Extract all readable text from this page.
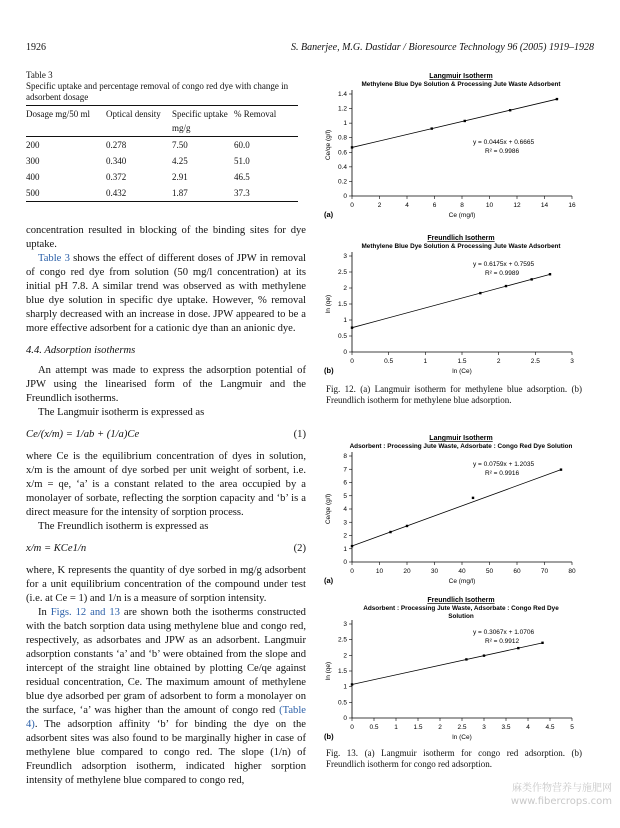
1926	S. Banerjee, M.G. Dastidar / Bioresource Technology 96 (2005) 1919–1928
Table 3
Specific uptake and percentage removal of congo red dye with change in adsorbent dosage
Dosage mg/50 ml	Optical density	Specific uptake mg/g	% Removal
200	0.278	7.50	60.0
300	0.340	4.25	51.0
400	0.372	2.91	46.5
500	0.432	1.87	37.3

concentration resulted in blocking of the binding sites for dye uptake.

Table 3 shows the effect of different doses of JPW in removal of congo red dye from solution (50 mg/l concentration) at its initial pH 7.8. A similar trend was observed as with methylene blue dye solution in specific dye uptake. However, % removal sharply decreased with an increase in dose. JPW appeared to be a more effective adsorbent for a cationic dye than an anionic dye.

4.4. Adsorption isotherms

An attempt was made to express the adsorption potential of JPW using the linearised form of the Langmuir and the Freundlich isotherms.

The Langmuir isotherm is expressed as

Ce/(x/m) = 1/ab + (1/a)Ce	(1)

where Ce is the equilibrium concentration of dyes in solution, x/m is the amount of dye sorbed per unit weight of sorbent, i.e. x/m = qe, ‘a’ is a constant related to the area occupied by a monolayer of sorbate, reflecting the sorption capacity and ‘b’ is a direct measure for the intensity of sorption process.

The Freundlich isotherm is expressed as

x/m = KCe1/n	(2)

where, K represents the quantity of dye sorbed in mg/g adsorbent for a unit equilibrium concentration of the compound under test (i.e. at Ce = 1) and 1/n is a measure of sorption intensity.

In Figs. 12 and 13 are shown both the isotherms constructed with the batch sorption data using methylene blue and congo red, respectively, as adsorbates and JPW as an adsorbent. Langmuir adsorption constants ‘a’ and ‘b’ were obtained from the slope and intercept of the straight line obtained by plotting Ce/qe against residual concentration, Ce. The maximum amount of methylene blue dye adsorbed per gram of adsorbent to form a monolayer on the surface, ‘a’ was higher than the amount of congo red (Table 4). The adsorption affinity ‘b’ for binding the dye on the adsorbent sites was also found to be marginally higher in case of methylene blue compared to congo red. The slope (1/n) of Freundlich adsorption isotherm, indicated higher sorption intensity of methylene blue compared to congo red,

Langmuir Isotherm
Methylene Blue Dye Solution & Processing Jute Waste Adsorbent
0	2	4	6	8	10	12	14	16
0
0.2
0.4
0.6
0.8
1
1.2
1.4
Ce (mg/l)
Ce/qe (g/l)
(a)
y = 0.0445x + 0.6665
R² = 0.9986
Freundlich Isotherm
Methylene Blue Dye Solution & Processing Jute Waste Adsorbent
0	0.5	1	1.5	2	2.5	3
0
0.5
1
1.5
2
2.5
3
ln (Ce)
ln (qe)
(b)
y = 0.6175x + 0.7595
R² = 0.9989
Fig. 12. (a) Langmuir isotherm for methylene blue adsorption. (b) Freundlich isotherm for methylene blue adsorption.
Langmuir Isotherm
Adsorbent : Processing Jute Waste, Adsorbate : Congo Red Dye Solution
0	10	20	30	40	50	60	70	80
0
1
2
3
4
5
6
7
8
Ce (mg/l)
Ce/qe (g/l)
(a)
y = 0.0759x + 1.2035
R² = 0.9916
Freundlich Isotherm
Adsorbent : Processing Jute Waste, Adsorbate : Congo Red Dye
Solution
0 0.5 1 1.5 2 2.5 3 3.5 4 4.5 5
0
0.5
1
1.5
2
2.5
3
ln (Ce)
ln (qe)
(b)
y = 0.3067x + 1.0706
R² = 0.9912
Fig. 13. (a) Langmuir isotherm for congo red adsorption. (b) Freundlich isotherm for congo red adsorption.
麻类作物营养与施肥网
www.fibercrops.com
